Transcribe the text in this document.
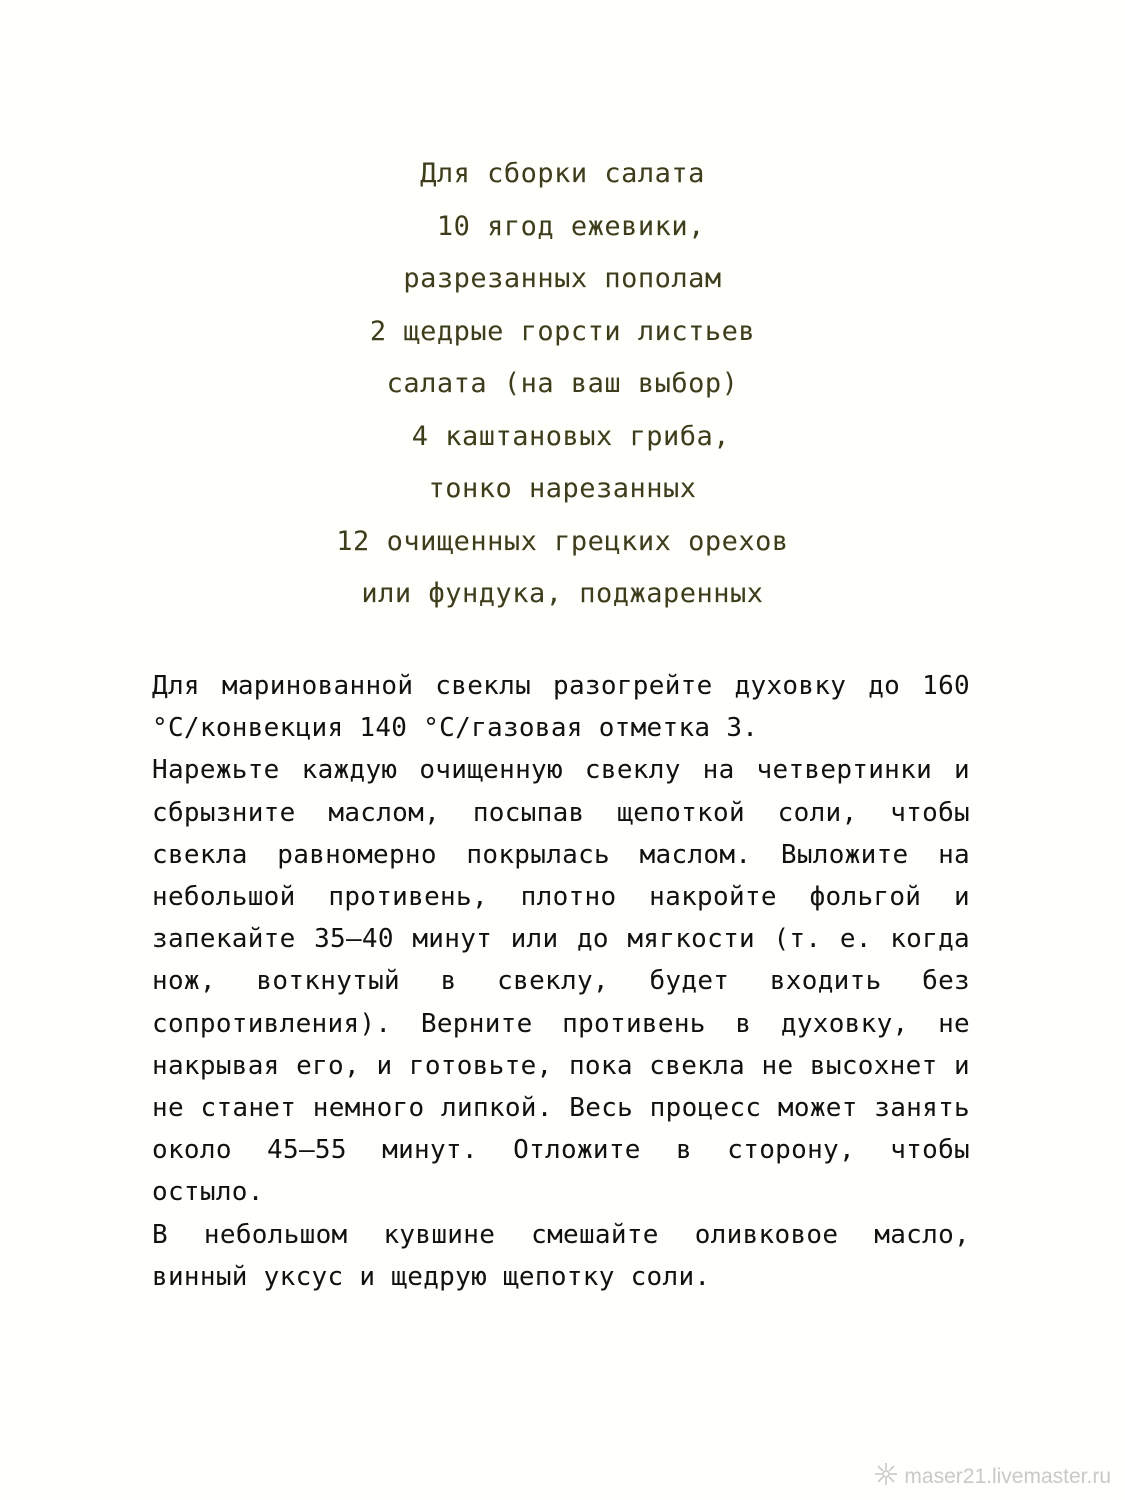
Для сборки салата
10 ягод ежевики,
разрезанных пополам
2 щедрые горсти листьев
салата (на ваш выбор)
4 каштановых гриба,
тонко нарезанных
12 очищенных грецких орехов
или фундука, поджаренных

Для маринованной свеклы разогрейте духовку до 160 °C/конвекция 140 °C/газовая отметка 3.

Нарежьте каждую очищенную свеклу на четвертинки и сбрызните маслом, посыпав щепоткой соли, чтобы свекла равномерно покрылась маслом. Выложите на небольшой противень, плотно накройте фольгой и запекайте 35–40 минут или до мягкости (т. е. когда нож, воткнутый в свеклу, будет входить без сопротивления). Верните противень в духовку, не накрывая его, и готовьте, пока свекла не высохнет и не станет немного липкой. Весь процесс может занять около 45–55 минут. Отложите в сторону, чтобы остыло.

В небольшом кувшине смешайте оливковое масло, винный уксус и щедрую щепотку соли.

maser21.livemaster.ru
